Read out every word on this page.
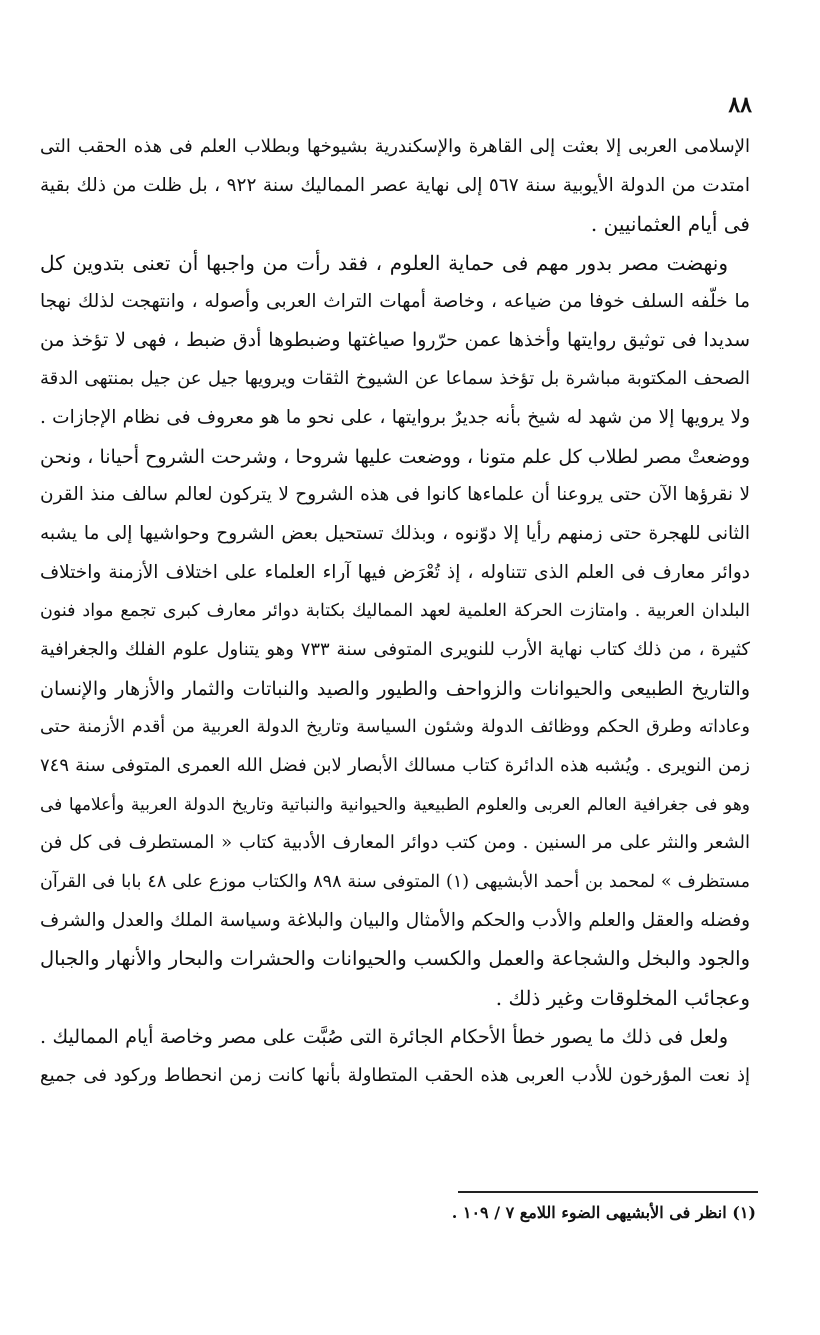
٨٨
الإسلامى العربى إلا بعثت إلى القاهرة والإسكندرية بشيوخها وبطلاب العلم فى هذه الحقب التى
امتدت من الدولة الأيوبية سنة ٥٦٧ إلى نهاية عصر المماليك سنة ٩٢٢ ، بل ظلت من ذلك بقية
فى أيام العثمانيين .
ونهضت مصر بدور مهم فى حماية العلوم ، فقد رأت من واجبها أن تعنى بتدوين كل
ما خلّفه السلف خوفا من ضياعه ، وخاصة أمهات التراث العربى وأصوله ، وانتهجت لذلك نهجا
سديدا فى توثيق روايتها وأخذها عمن حرّروا صياغتها وضبطوها أدق ضبط ، فهى لا تؤخذ من
الصحف المكتوبة مباشرة بل تؤخذ سماعا عن الشيوخ الثقات ويرويها جيل عن جيل بمنتهى الدقة
ولا يرويها إلا من شهد له شيخ بأنه جديرٌ بروايتها ، على نحو ما هو معروف فى نظام الإجازات .
ووضعتْ مصر لطلاب كل علم متونا ، ووضعت عليها شروحا ، وشرحت الشروح أحيانا ، ونحن
لا نقرؤها الآن حتى يروعنا أن علماءها كانوا فى هذه الشروح لا يتركون لعالم سالف منذ القرن
الثانى للهجرة حتى زمنهم رأيا إلا دوّنوه ، وبذلك تستحيل بعض الشروح وحواشيها إلى ما يشبه
دوائر معارف فى العلم الذى تتناوله ، إذ تُعْرَض فيها آراء العلماء على اختلاف الأزمنة واختلاف
البلدان العربية . وامتازت الحركة العلمية لعهد المماليك بكتابة دوائر معارف كبرى تجمع مواد فنون
كثيرة ، من ذلك كتاب نهاية الأرب للنويرى المتوفى سنة ٧٣٣ وهو يتناول علوم الفلك والجغرافية
والتاريخ الطبيعى والحيوانات والزواحف والطيور والصيد والنباتات والثمار والأزهار والإنسان
وعاداته وطرق الحكم ووظائف الدولة وشئون السياسة وتاريخ الدولة العربية من أقدم الأزمنة حتى
زمن النويرى . ويُشبه هذه الدائرة كتاب مسالك الأبصار لابن فضل الله العمرى المتوفى سنة ٧٤٩
وهو فى جغرافية العالم العربى والعلوم الطبيعية والحيوانية والنباتية وتاريخ الدولة العربية وأعلامها فى
الشعر والنثر على مر السنين . ومن كتب دوائر المعارف الأدبية كتاب « المستطرف فى كل فن
مستظرف » لمحمد بن أحمد الأبشيهى (١) المتوفى سنة ٨٩٨ والكتاب موزع على ٤٨ بابا فى القرآن
وفضله والعقل والعلم والأدب والحكم والأمثال والبيان والبلاغة وسياسة الملك والعدل والشرف
والجود والبخل والشجاعة والعمل والكسب والحيوانات والحشرات والبحار والأنهار والجبال
وعجائب المخلوقات وغير ذلك .
ولعل فى ذلك ما يصور خطأ الأحكام الجائرة التى صُبَّت على مصر وخاصة أيام المماليك .
إذ نعت المؤرخون للأدب العربى هذه الحقب المتطاولة بأنها كانت زمن انحطاط وركود فى جميع
(١) انظر فى الأبشيهى الضوء اللامع ٧ / ١٠٩ .
